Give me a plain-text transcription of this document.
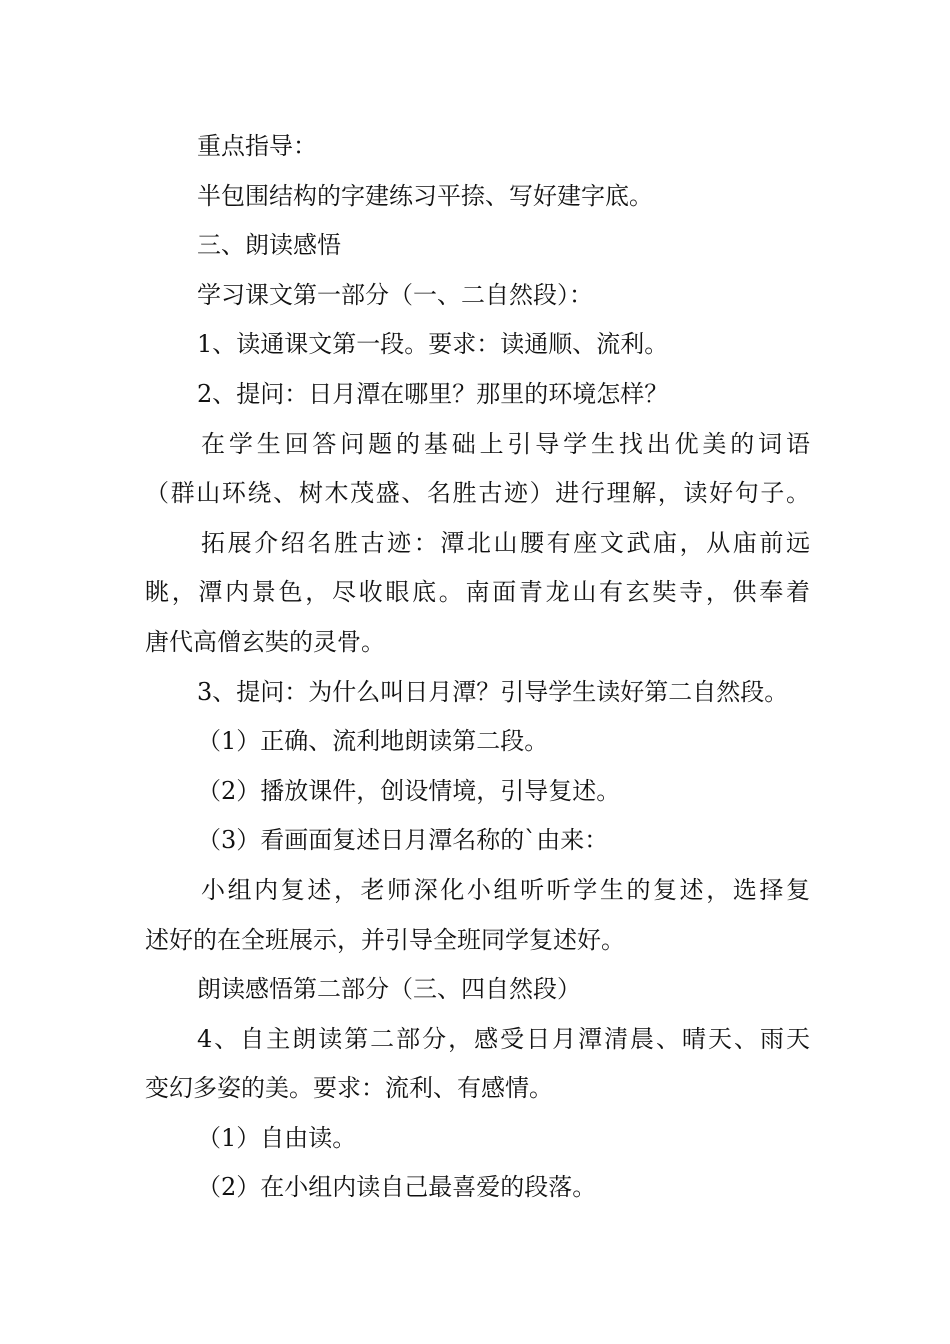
重点指导：
半包围结构的字建练习平捺、写好建字底。
三、朗读感悟
学习课文第一部分（一、二自然段）：
1、读通课文第一段。要求：读通顺、流利。
2、提问：日月潭在哪里？那里的环境怎样？
在学生回答问题的基础上引导学生找出优美的词语
（群山环绕、树木茂盛、名胜古迹）进行理解，读好句子。
拓展介绍名胜古迹：潭北山腰有座文武庙，从庙前远
眺，潭内景色，尽收眼底。南面青龙山有玄奘寺，供奉着
唐代高僧玄奘的灵骨。
3、提问：为什么叫日月潭？引导学生读好第二自然段。
（1）正确、流利地朗读第二段。
（2）播放课件，创设情境，引导复述。
（3）看画面复述日月潭名称的`由来：
小组内复述，老师深化小组听听学生的复述，选择复
述好的在全班展示，并引导全班同学复述好。
朗读感悟第二部分（三、四自然段）
4、自主朗读第二部分，感受日月潭清晨、晴天、雨天
变幻多姿的美。要求：流利、有感情。
（1）自由读。
（2）在小组内读自己最喜爱的段落。
